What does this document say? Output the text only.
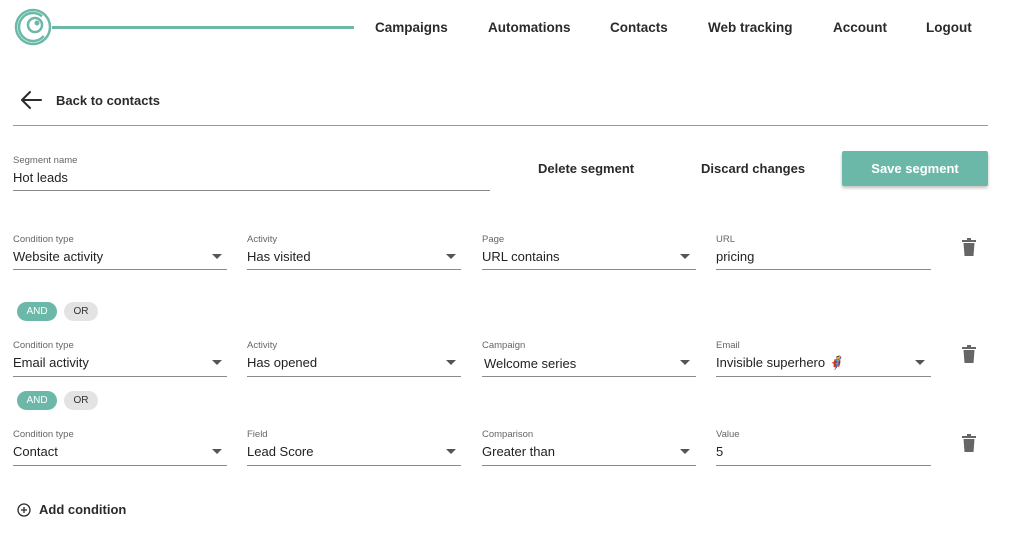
Campaigns	Automations	Contacts	Web tracking	Account	Logout
Back to contacts
Segment name
Hot leads
Delete segment	Discard changes	Save segment
Condition type
Website activity
Activity
Has visited
Page
URL contains
URL
pricing
AND	OR
Condition type
Email activity
Activity
Has opened
Campaign
Welcome series
Email
Invisible superhero 🦸
AND	OR
Condition type
Contact
Field
Lead Score
Comparison
Greater than
Value
5
Add condition
